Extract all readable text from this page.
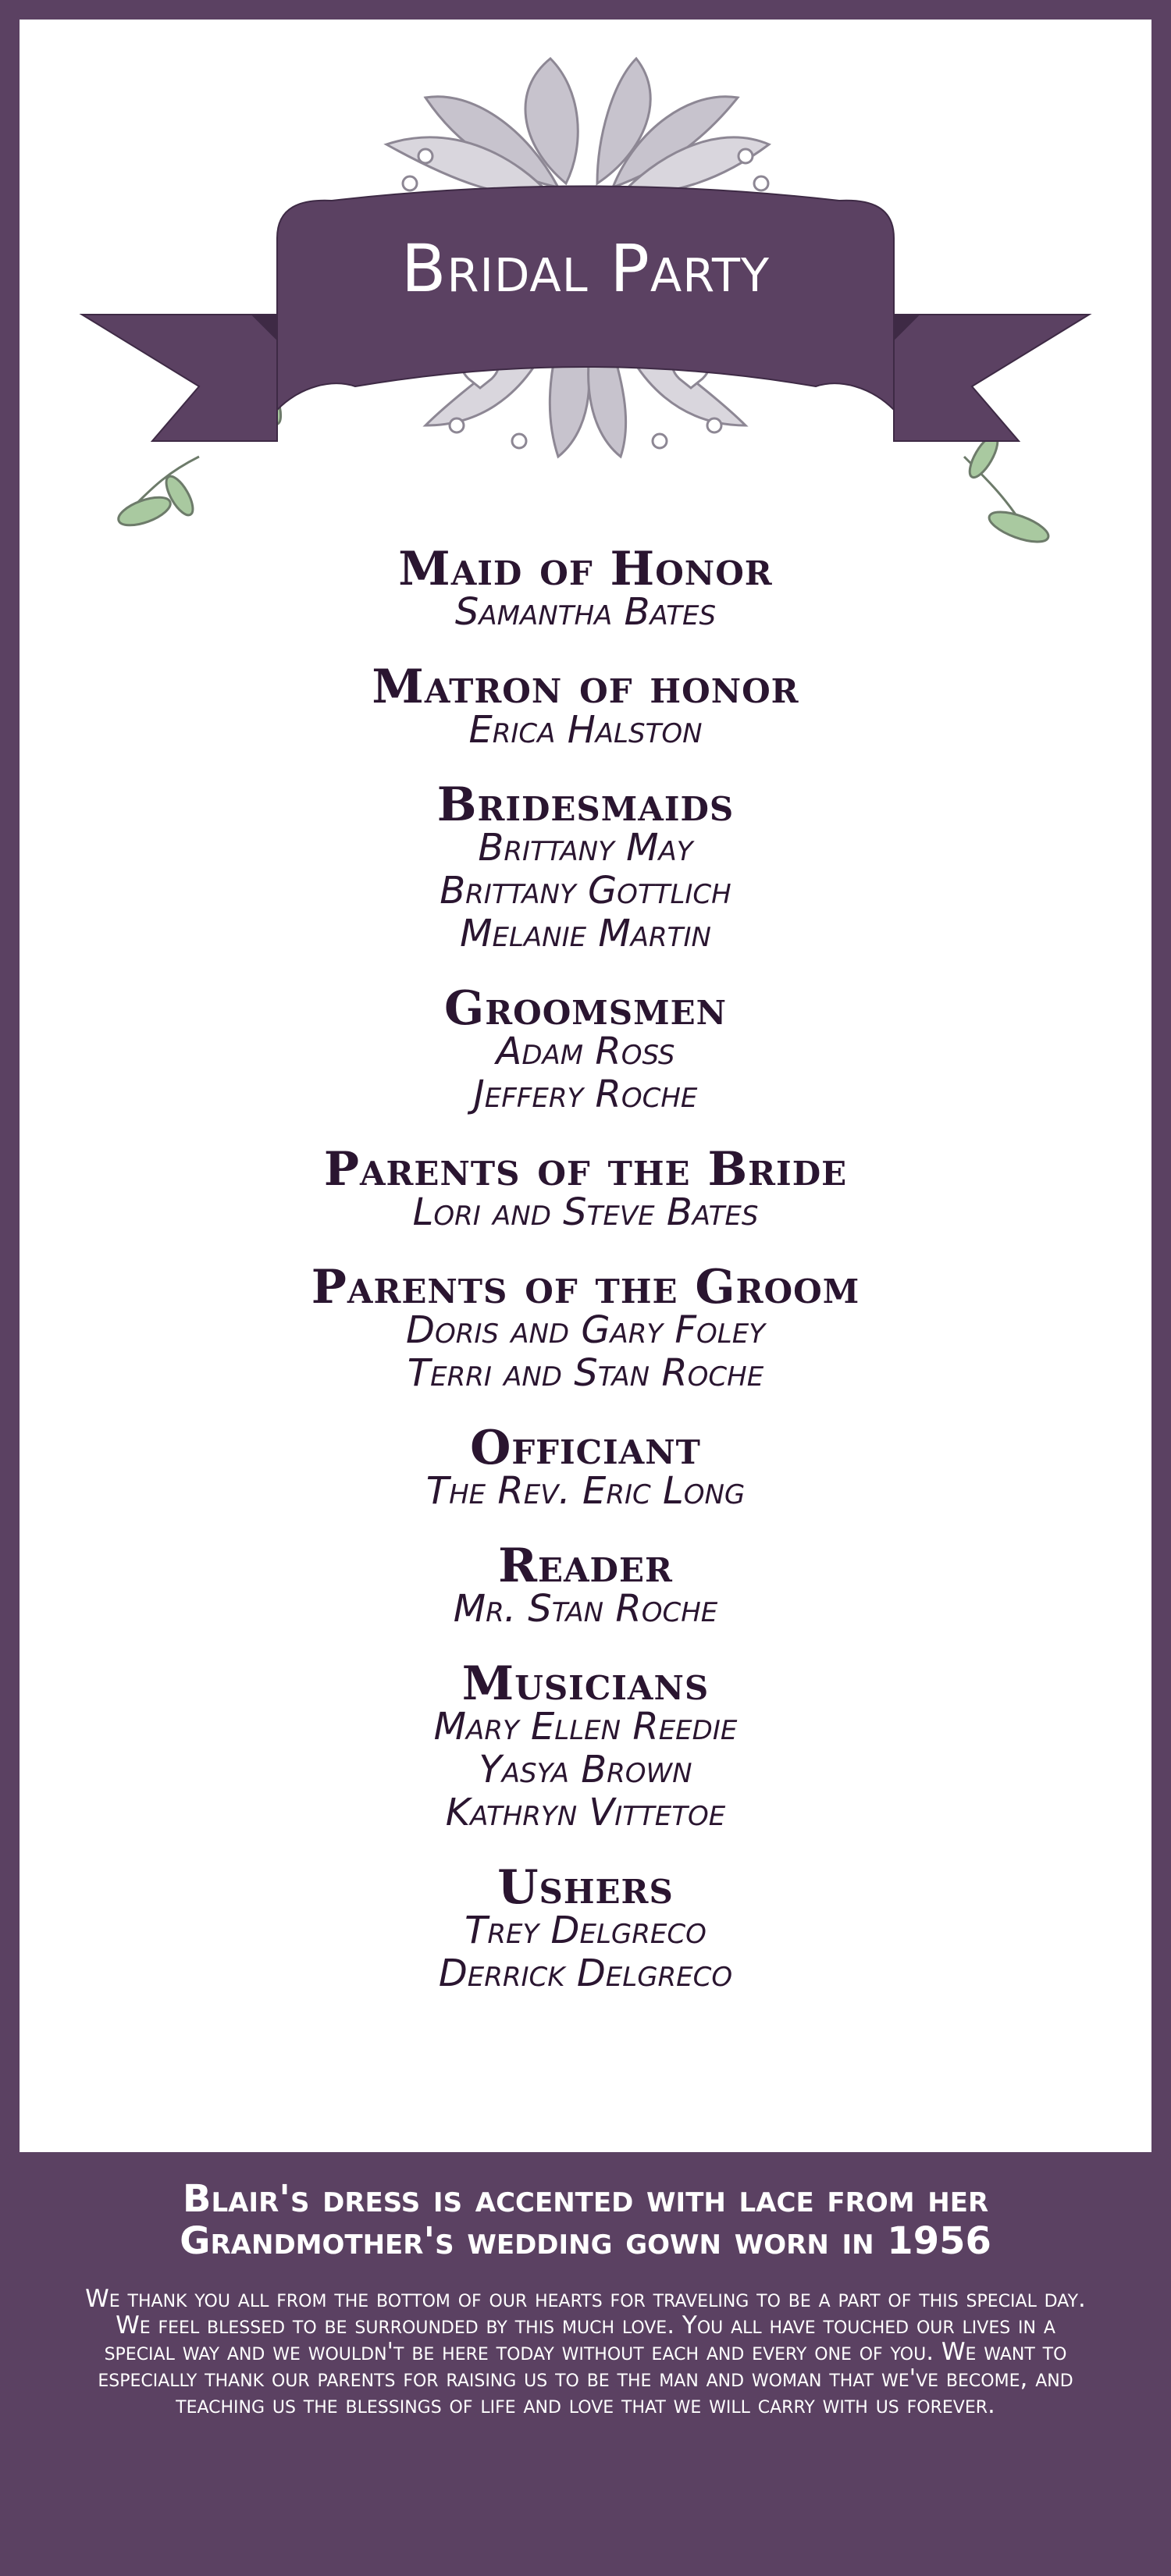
Bridal Party
Maid of Honor
Samantha Bates
Matron of honor
Erica Halston
Bridesmaids
Brittany May
Brittany Gottlich
Melanie Martin
Groomsmen
Adam Ross
Jeffery Roche
Parents of the Bride
Lori and Steve Bates
Parents of the Groom
Doris and Gary Foley
Terri and Stan Roche
Officiant
The Rev. Eric Long
Reader
Mr. Stan Roche
Musicians
Mary Ellen Reedie
Yasya Brown
Kathryn Vittetoe
Ushers
Trey Delgreco
Derrick Delgreco
Blair's dress is accented with lace from her Grandmother's wedding gown worn in 1956
We thank you all from the bottom of our hearts for traveling to be a part of this special day. We feel blessed to be surrounded by this much love. You all have touched our lives in a special way and we wouldn't be here today without each and every one of you. We want to especially thank our parents for raising us to be the man and woman that we've become, and teaching us the blessings of life and love that we will carry with us forever.
